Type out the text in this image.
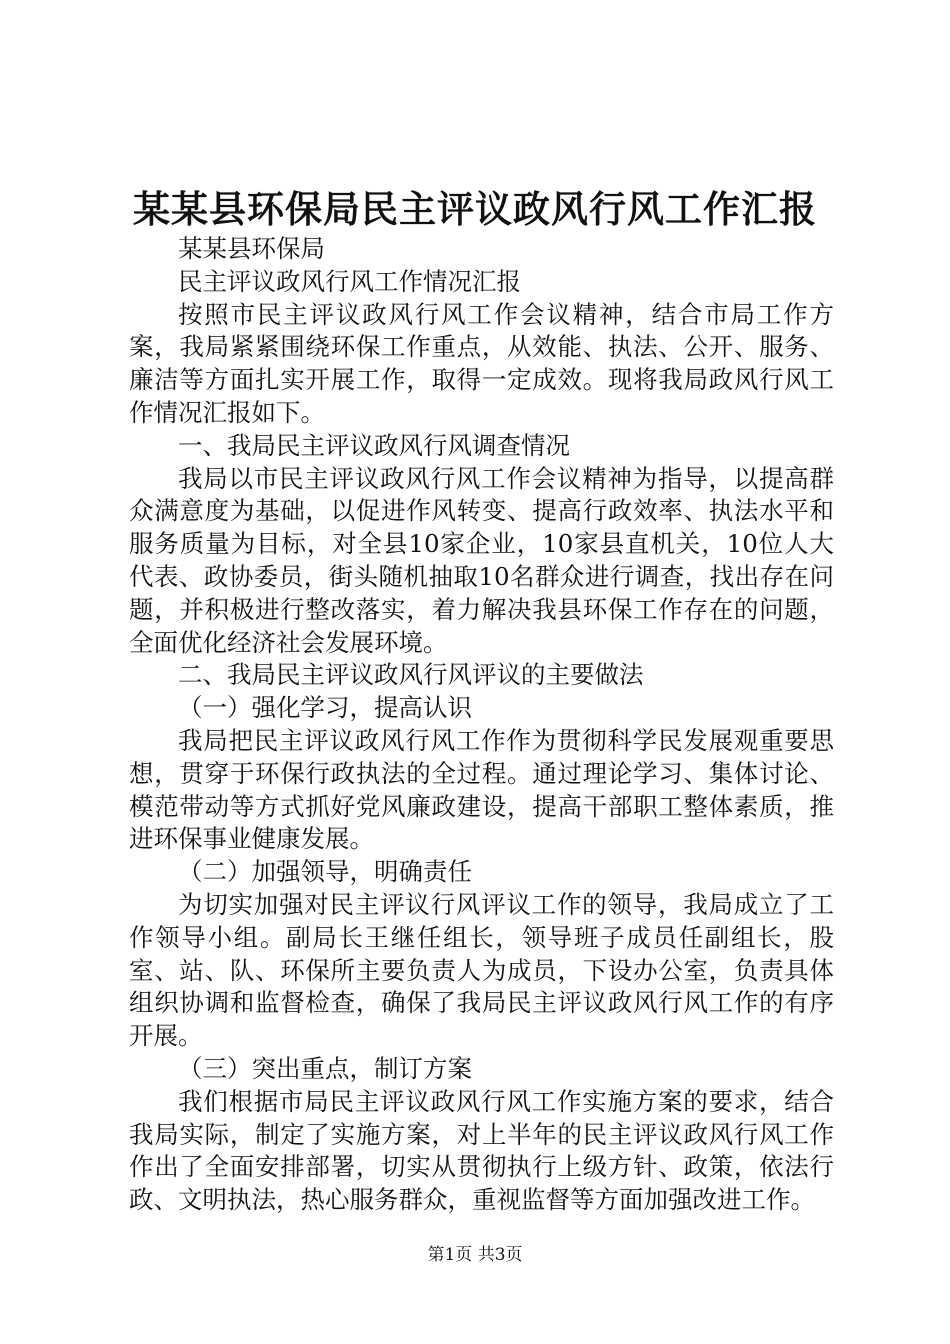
某某县环保局民主评议政风行风工作汇报

某某县环保局

民主评议政风行风工作情况汇报

按照市民主评议政风行风工作会议精神，结合市局工作方案，我局紧紧围绕环保工作重点，从效能、执法、公开、服务、廉洁等方面扎实开展工作，取得一定成效。现将我局政风行风工作情况汇报如下。

一、我局民主评议政风行风调查情况

我局以市民主评议政风行风工作会议精神为指导，以提高群众满意度为基础，以促进作风转变、提高行政效率、执法水平和服务质量为目标，对全县10家企业，10家县直机关，10位人大代表、政协委员，街头随机抽取10名群众进行调查，找出存在问题，并积极进行整改落实，着力解决我县环保工作存在的问题，全面优化经济社会发展环境。

二、我局民主评议政风行风评议的主要做法

（一）强化学习，提高认识

我局把民主评议政风行风工作作为贯彻科学民发展观重要思想，贯穿于环保行政执法的全过程。通过理论学习、集体讨论、模范带动等方式抓好党风廉政建设，提高干部职工整体素质，推进环保事业健康发展。

（二）加强领导，明确责任

为切实加强对民主评议行风评议工作的领导，我局成立了工作领导小组。副局长王继任组长，领导班子成员任副组长，股室、站、队、环保所主要负责人为成员，下设办公室，负责具体组织协调和监督检查，确保了我局民主评议政风行风工作的有序开展。

（三）突出重点，制订方案

我们根据市局民主评议政风行风工作实施方案的要求，结合我局实际，制定了实施方案，对上半年的民主评议政风行风工作作出了全面安排部署，切实从贯彻执行上级方针、政策，依法行政、文明执法，热心服务群众，重视监督等方面加强改进工作。

第1页 共3页
